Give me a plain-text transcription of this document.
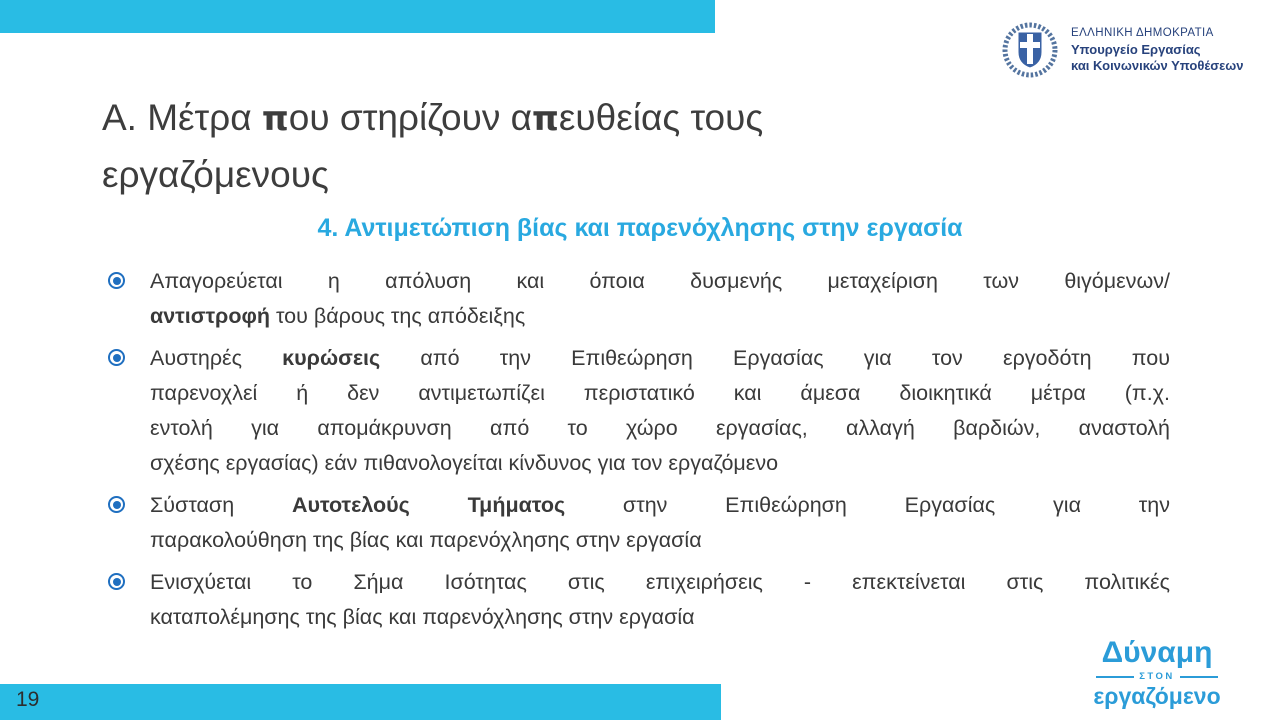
ΕΛΛΗΝΙΚΗ ΔΗΜΟΚΡΑΤΙΑ
Υπουργείο Εργασίας
και Κοινωνικών Υποθέσεων
Α. Μέτρα που στηρίζουν απευθείας τους
εργαζόμενους
4. Αντιμετώπιση βίας και παρενόχλησης στην εργασία
Απαγορεύεται η απόλυση και όποια δυσμενής μεταχείριση των θιγόμενων/
αντιστροφή του βάρους της απόδειξης
Αυστηρές κυρώσεις από την Επιθεώρηση Εργασίας για τον εργοδότη που
παρενοχλεί ή δεν αντιμετωπίζει περιστατικό και άμεσα διοικητικά μέτρα (π.χ.
εντολή για απομάκρυνση από το χώρο εργασίας, αλλαγή βαρδιών, αναστολή
σχέσης εργασίας) εάν πιθανολογείται κίνδυνος για τον εργαζόμενο
Σύσταση Αυτοτελούς Τμήματος στην Επιθεώρηση Εργασίας για την
παρακολούθηση της βίας και παρενόχλησης στην εργασία
Ενισχύεται το Σήμα Ισότητας στις επιχειρήσεις - επεκτείνεται στις πολιτικές
καταπολέμησης της βίας και παρενόχλησης στην εργασία
Δύναμη
ΣΤΟΝ
εργαζόμενο
19
